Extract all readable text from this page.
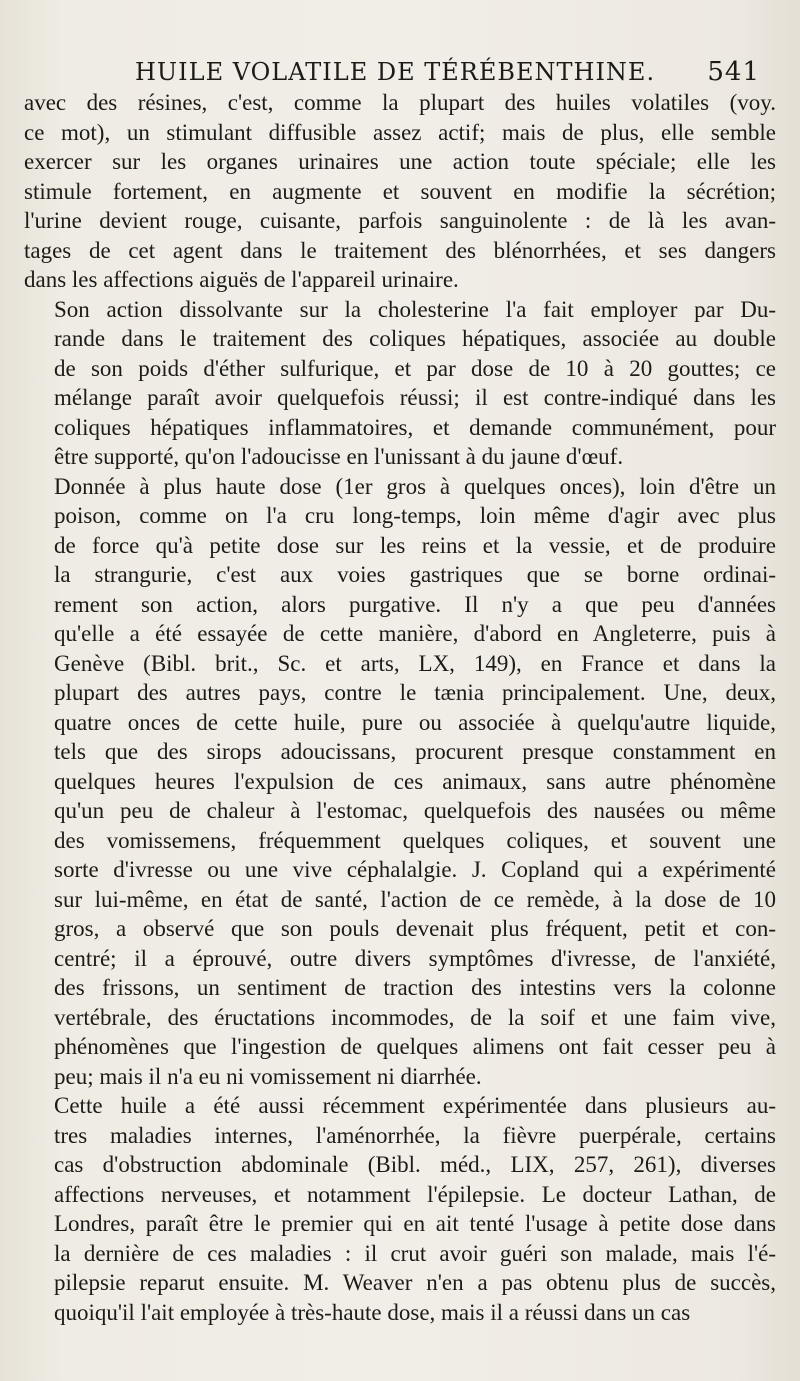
HUILE VOLATILE DE TÉRÉBENTHINE. 541

avec des résines, c'est, comme la plupart des huiles volatiles (voy.
ce mot), un stimulant diffusible assez actif; mais de plus, elle semble
exercer sur les organes urinaires une action toute spéciale; elle les
stimule fortement, en augmente et souvent en modifie la sécrétion;
l'urine devient rouge, cuisante, parfois sanguinolente : de là les avan-
tages de cet agent dans le traitement des blénorrhées, et ses dangers
dans les affections aiguës de l'appareil urinaire.

Son action dissolvante sur la cholesterine l'a fait employer par Du-
rande dans le traitement des coliques hépatiques, associée au double
de son poids d'éther sulfurique, et par dose de 10 à 20 gouttes; ce
mélange paraît avoir quelquefois réussi; il est contre-indiqué dans les
coliques hépatiques inflammatoires, et demande communément, pour
être supporté, qu'on l'adoucisse en l'unissant à du jaune d'œuf.

Donnée à plus haute dose (1er gros à quelques onces), loin d'être un
poison, comme on l'a cru long-temps, loin même d'agir avec plus
de force qu'à petite dose sur les reins et la vessie, et de produire
la strangurie, c'est aux voies gastriques que se borne ordinai-
rement son action, alors purgative. Il n'y a que peu d'années
qu'elle a été essayée de cette manière, d'abord en Angleterre, puis à
Genève (Bibl. brit., Sc. et arts, LX, 149), en France et dans la
plupart des autres pays, contre le tænia principalement. Une, deux,
quatre onces de cette huile, pure ou associée à quelqu'autre liquide,
tels que des sirops adoucissans, procurent presque constamment en
quelques heures l'expulsion de ces animaux, sans autre phénomène
qu'un peu de chaleur à l'estomac, quelquefois des nausées ou même
des vomissemens, fréquemment quelques coliques, et souvent une
sorte d'ivresse ou une vive céphalalgie. J. Copland qui a expérimenté
sur lui-même, en état de santé, l'action de ce remède, à la dose de 10
gros, a observé que son pouls devenait plus fréquent, petit et con-
centré; il a éprouvé, outre divers symptômes d'ivresse, de l'anxiété,
des frissons, un sentiment de traction des intestins vers la colonne
vertébrale, des éructations incommodes, de la soif et une faim vive,
phénomènes que l'ingestion de quelques alimens ont fait cesser peu à
peu; mais il n'a eu ni vomissement ni diarrhée.

Cette huile a été aussi récemment expérimentée dans plusieurs au-
tres maladies internes, l'aménorrhée, la fièvre puerpérale, certains
cas d'obstruction abdominale (Bibl. méd., LIX, 257, 261), diverses
affections nerveuses, et notamment l'épilepsie. Le docteur Lathan, de
Londres, paraît être le premier qui en ait tenté l'usage à petite dose dans
la dernière de ces maladies : il crut avoir guéri son malade, mais l'é-
pilepsie reparut ensuite. M. Weaver n'en a pas obtenu plus de succès,
quoiqu'il l'ait employée à très-haute dose, mais il a réussi dans un cas
